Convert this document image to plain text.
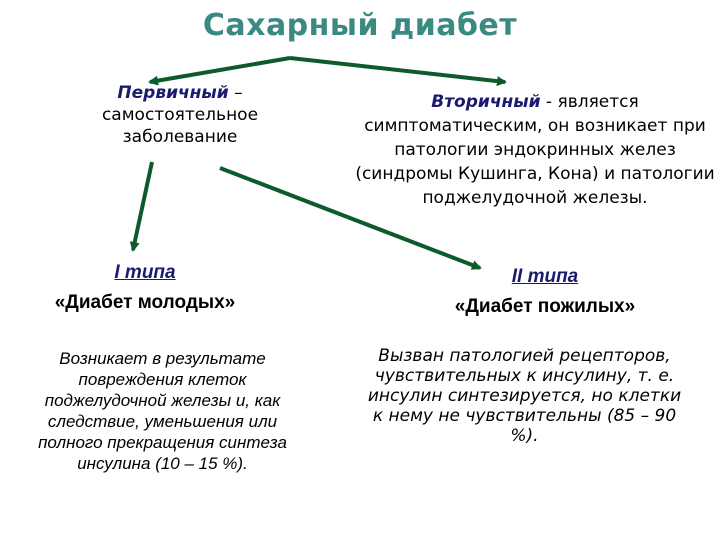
Сахарный диабет
Первичный – самостоятельное заболевание
Вторичный - является симптоматическим, он возникает при патологии эндокринных желез (синдромы Кушинга, Кона) и патологии поджелудочной железы.
I типа
«Диабет молодых»
II типа
«Диабет пожилых»
Возникает в результате повреждения клеток поджелудочной железы и, как следствие, уменьшения или полного прекращения синтеза инсулина (10 – 15 %).
Вызван патологией рецепторов, чувствительных к инсулину, т. е. инсулин синтезируется, но клетки к нему не чувствительны (85 – 90 %).
